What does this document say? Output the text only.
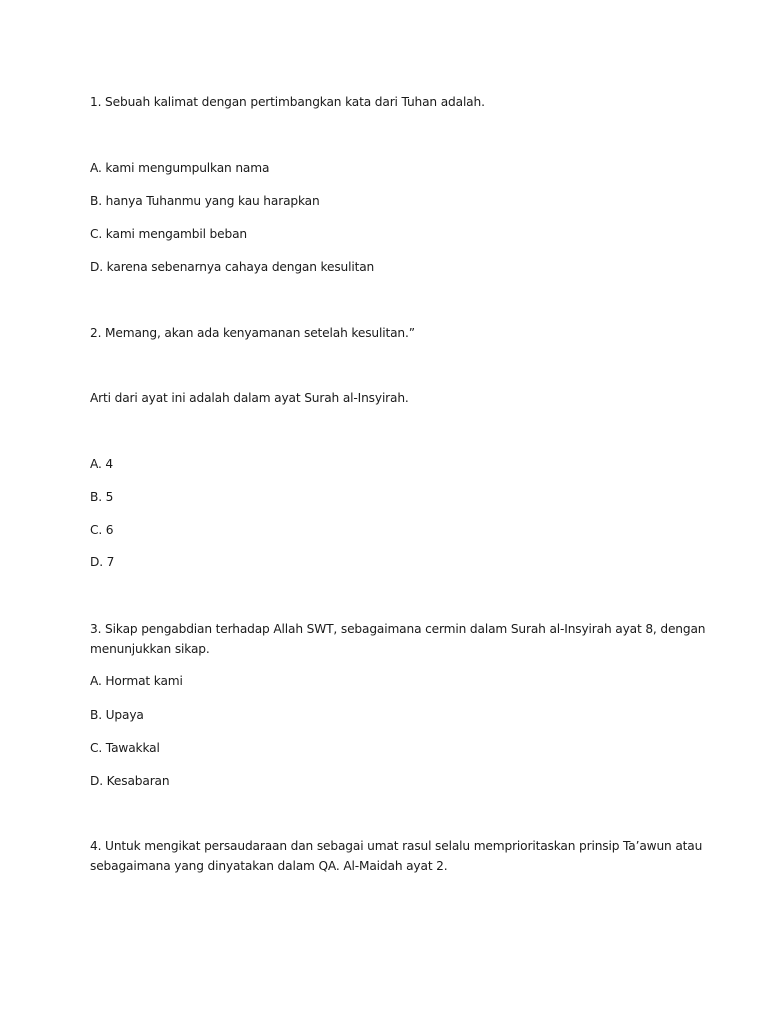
1. Sebuah kalimat dengan pertimbangkan kata dari Tuhan adalah.
A. kami mengumpulkan nama
B. hanya Tuhanmu yang kau harapkan
C. kami mengambil beban
D. karena sebenarnya cahaya dengan kesulitan
2. Memang, akan ada kenyamanan setelah kesulitan.”
Arti dari ayat ini adalah dalam ayat Surah al-Insyirah.
A. 4
B. 5
C. 6
D. 7
3. Sikap pengabdian terhadap Allah SWT, sebagaimana cermin dalam Surah al-Insyirah ayat 8, dengan
menunjukkan sikap.
A. Hormat kami
B. Upaya
C. Tawakkal
D. Kesabaran
4. Untuk mengikat persaudaraan dan sebagai umat rasul selalu memprioritaskan prinsip Ta’awun atau
sebagaimana yang dinyatakan dalam QA. Al-Maidah ayat 2.
